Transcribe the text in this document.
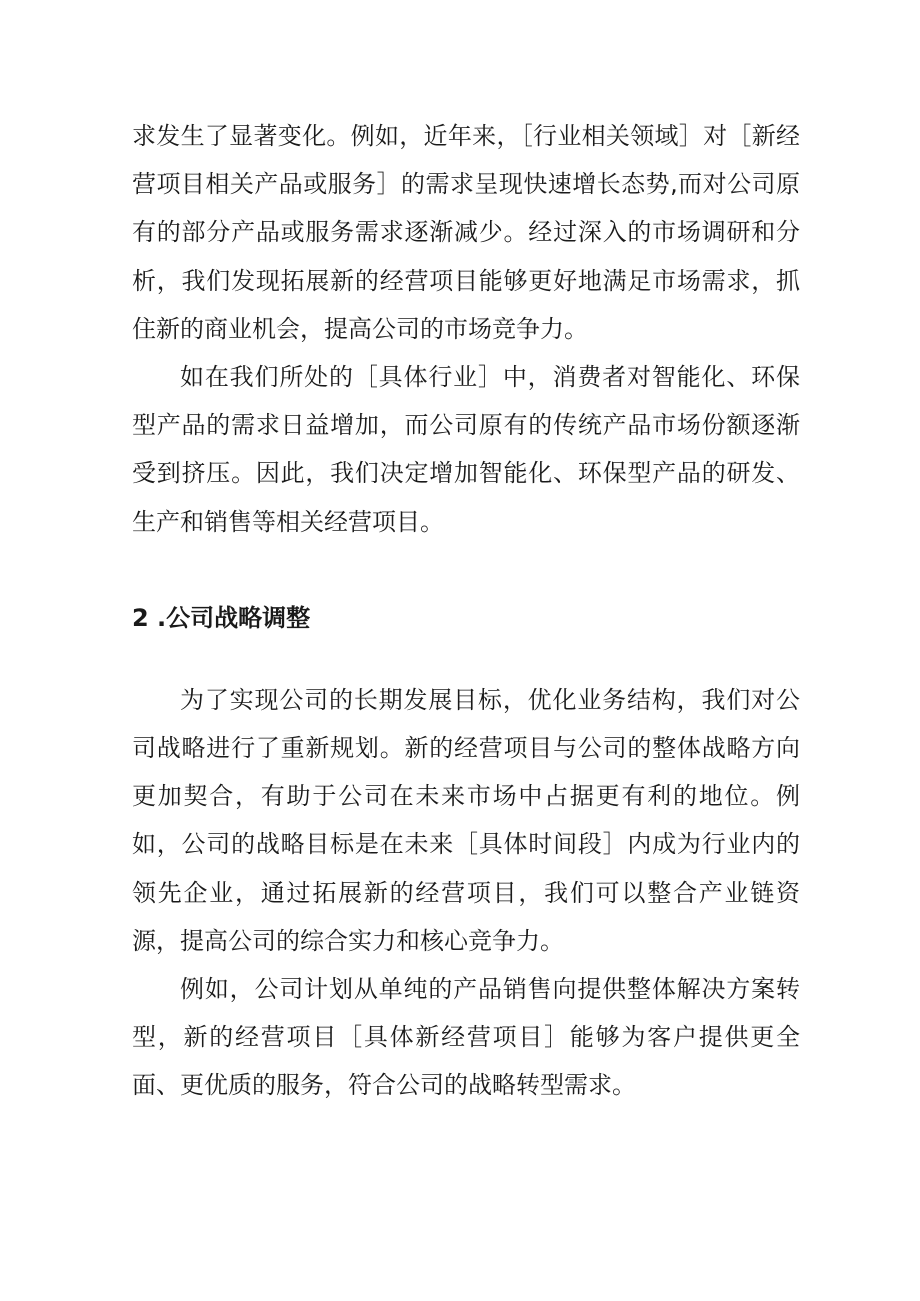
求发生了显著变化。例如，近年来，［行业相关领域］对［新经营项目相关产品或服务］的需求呈现快速增长态势,而对公司原有的部分产品或服务需求逐渐减少。经过深入的市场调研和分析，我们发现拓展新的经营项目能够更好地满足市场需求，抓住新的商业机会，提高公司的市场竞争力。

如在我们所处的［具体行业］中，消费者对智能化、环保型产品的需求日益增加，而公司原有的传统产品市场份额逐渐受到挤压。因此，我们决定增加智能化、环保型产品的研发、生产和销售等相关经营项目。

2 .公司战略调整

为了实现公司的长期发展目标，优化业务结构，我们对公司战略进行了重新规划。新的经营项目与公司的整体战略方向更加契合，有助于公司在未来市场中占据更有利的地位。例如，公司的战略目标是在未来［具体时间段］内成为行业内的领先企业，通过拓展新的经营项目，我们可以整合产业链资源，提高公司的综合实力和核心竞争力。

例如，公司计划从单纯的产品销售向提供整体解决方案转型，新的经营项目［具体新经营项目］能够为客户提供更全面、更优质的服务，符合公司的战略转型需求。
